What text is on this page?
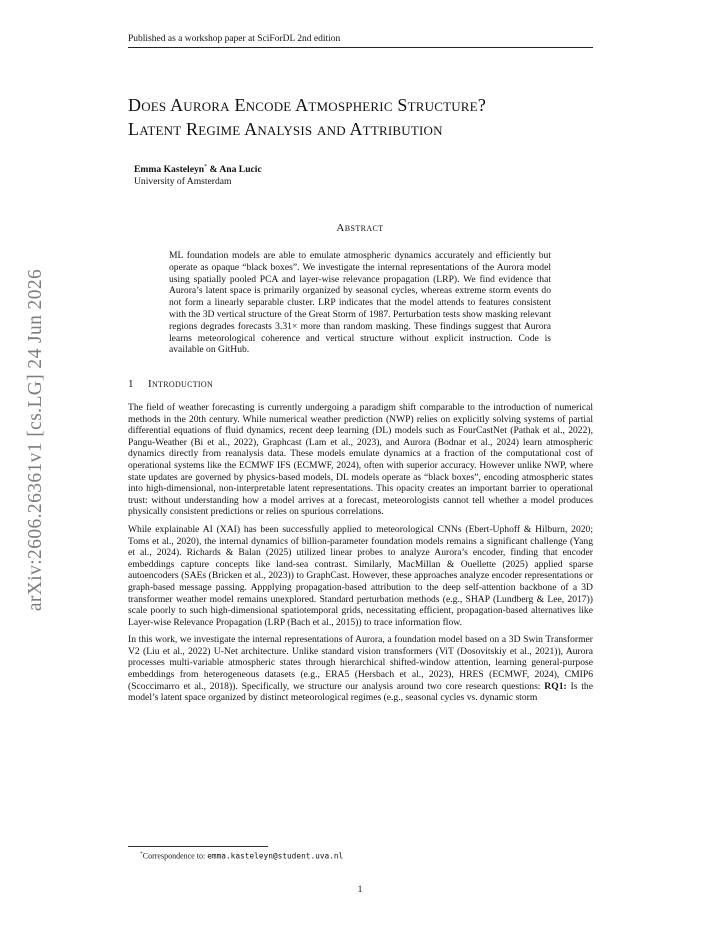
Published as a workshop paper at SciForDL 2nd edition
Does Aurora Encode Atmospheric Structure?
Latent Regime Analysis and Attribution
Emma Kasteleyn* & Ana Lucic
University of Amsterdam
Abstract
ML foundation models are able to emulate atmospheric dynamics accurately and efficiently but operate as opaque “black boxes”. We investigate the internal representations of the Aurora model using spatially pooled PCA and layer-wise relevance propagation (LRP). We find evidence that Aurora’s latent space is primarily organized by seasonal cycles, whereas extreme storm events do not form a linearly separable cluster. LRP indicates that the model attends to features consistent with the 3D vertical structure of the Great Storm of 1987. Perturbation tests show masking relevant regions degrades forecasts 3.31× more than random masking. These findings suggest that Aurora learns meteorological coherence and vertical structure without explicit instruction. Code is available on GitHub.
arXiv:2606.26361v1 [cs.LG] 24 Jun 2026	1 Introduction

The field of weather forecasting is currently undergoing a paradigm shift comparable to the introduction of numerical methods in the 20th century. While numerical weather prediction (NWP) relies on explicitly solving systems of partial differential equations of fluid dynamics, recent deep learning (DL) models such as FourCastNet (Pathak et al., 2022), Pangu-Weather (Bi et al., 2022), Graphcast (Lam et al., 2023), and Aurora (Bodnar et al., 2024) learn atmospheric dynamics directly from reanalysis data. These models emulate dynamics at a fraction of the computational cost of operational systems like the ECMWF IFS (ECMWF, 2024), often with superior accuracy. However unlike NWP, where state updates are governed by physics-based models, DL models operate as “black boxes”, encoding atmospheric states into high-dimensional, non-interpretable latent representations. This opacity creates an important barrier to operational trust: without understanding how a model arrives at a forecast, meteorologists cannot tell whether a model produces physically consistent predictions or relies on spurious correlations.

While explainable AI (XAI) has been successfully applied to meteorological CNNs (Ebert-Uphoff & Hilburn, 2020; Toms et al., 2020), the internal dynamics of billion-parameter foundation models remains a significant challenge (Yang et al., 2024). Richards & Balan (2025) utilized linear probes to analyze Aurora’s encoder, finding that encoder embeddings capture concepts like land-sea contrast. Similarly, MacMillan & Ouellette (2025) applied sparse autoencoders (SAEs (Bricken et al., 2023)) to GraphCast. However, these approaches analyze encoder representations or graph-based message passing. Appplying propagation-based attribution to the deep self-attention backbone of a 3D transformer weather model remains unexplored. Standard perturbation methods (e.g., SHAP (Lundberg & Lee, 2017)) scale poorly to such high-dimensional spatiotemporal grids, necessitating efficient, propagation-based alternatives like Layer-wise Relevance Propagation (LRP (Bach et al., 2015)) to trace information flow.

In this work, we investigate the internal representations of Aurora, a foundation model based on a 3D Swin Transformer V2 (Liu et al., 2022) U-Net architecture. Unlike standard vision transformers (ViT (Dosovitskiy et al., 2021)), Aurora processes multi-variable atmospheric states through hierarchical shifted-window attention, learning general-purpose embeddings from heterogeneous datasets (e.g., ERA5 (Hersbach et al., 2023), HRES (ECMWF, 2024), CMIP6 (Scoccimarro et al., 2018)). Specifically, we structure our analysis around two core research questions: RQ1: Is the model’s latent space organized by distinct meteorological regimes (e.g., seasonal cycles vs. dynamic storm

*Correspondence to: emma.kasteleyn@student.uva.nl
1
